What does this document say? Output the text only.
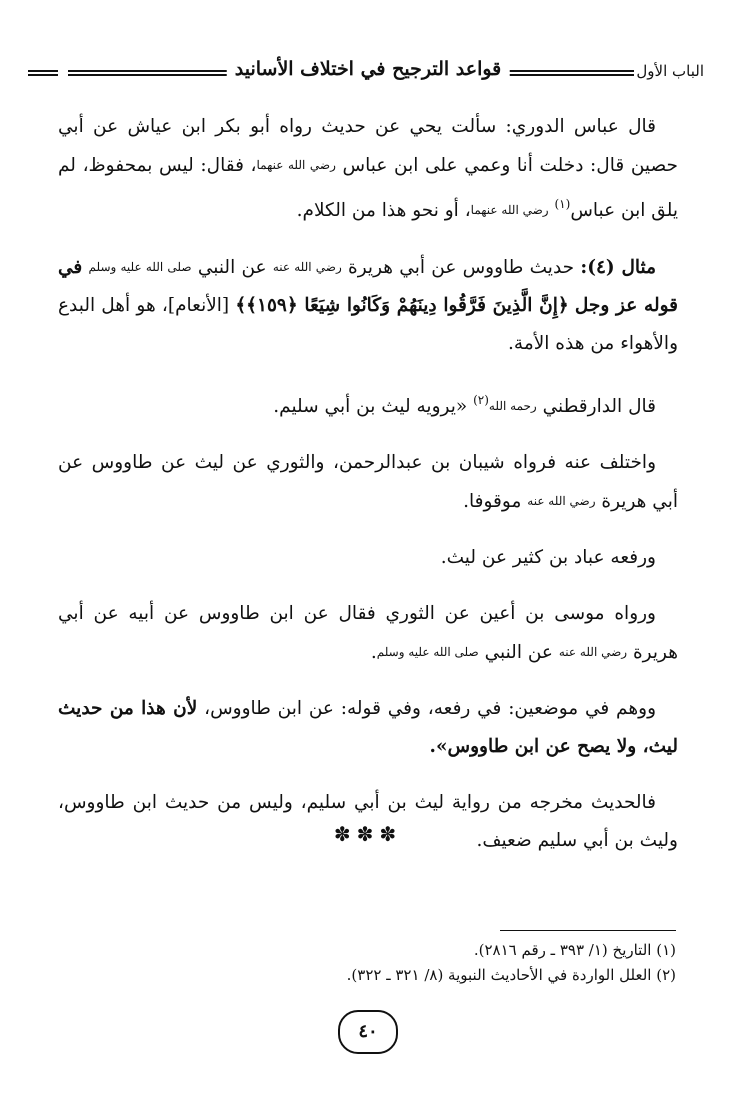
الباب الأول
قواعد الترجيح في اختلاف الأسانيد

قال عباس الدوري: سألت يحي عن حديث رواه أبو بكر ابن عياش عن أبي حصين قال: دخلت أنا وعمي على ابن عباس رضي الله عنهما، فقال: ليس بمحفوظ، لم يلق ابن عباس$^{(١)}$ رضي الله عنهما، أو نحو هذا من الكلام.

مثال (٤): حديث طاووس عن أبي هريرة رضي الله عنه عن النبي صلى الله عليه وسلم في قوله عز وجل ﴿إِنَّ الَّذِينَ فَرَّقُوا دِينَهُمْ وَكَانُوا شِيَعًا ﴿١٥٩﴾﴾ [الأنعام]، هو أهل البدع والأهواء من هذه الأمة.

قال الدارقطني رحمه الله$^{(٢)}$ «يرويه ليث بن أبي سليم.

واختلف عنه فرواه شيبان بن عبدالرحمن، والثوري عن ليث عن طاووس عن أبي هريرة رضي الله عنه موقوفا.

ورفعه عباد بن كثير عن ليث.

ورواه موسى بن أعين عن الثوري فقال عن ابن طاووس عن أبيه عن أبي هريرة رضي الله عنه عن النبي صلى الله عليه وسلم.

ووهم في موضعين: في رفعه، وفي قوله: عن ابن طاووس، لأن هذا من حديث ليث، ولا يصح عن ابن طاووس».

فالحديث مخرجه من رواية ليث بن أبي سليم، وليس من حديث ابن طاووس، وليث بن أبي سليم ضعيف.

✽✽✽
(١) التاريخ (١/ ٣٩٣ ـ رقم ٢٨١٦).
(٢) العلل الواردة في الأحاديث النبوية (٨/ ٣٢١ ـ ٣٢٢).
٤٠
